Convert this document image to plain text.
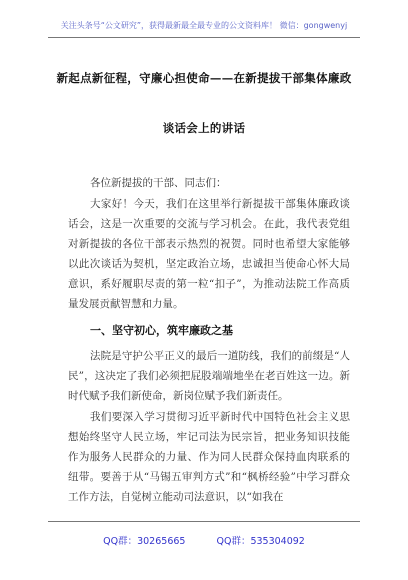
关注头条号“公文研究”，获得最新最全最专业的公文资料库！ 微信：gongwenyj
新起点新征程，守廉心担使命——在新提拔干部集体廉政
谈话会上的讲话
各位新提拔的干部、同志们：
大家好！今天，我们在这里举行新提拔干部集体廉政谈话会，这是一次重要的交流与学习机会。在此，我代表党组对新提拔的各位干部表示热烈的祝贺。同时也希望大家能够以此次谈话为契机，坚定政治立场，忠诚担当使命心怀大局意识，系好履职尽责的第一粒“扣子”，为推动法院工作高质量发展贡献智慧和力量。
一、坚守初心，筑牢廉政之基
法院是守护公平正义的最后一道防线，我们的前缀是“人民”，这决定了我们必须把屁股端端地坐在老百姓这一边。新时代赋予我们新使命，新岗位赋予我们新责任。
我们要深入学习贯彻习近平新时代中国特色社会主义思想始终坚守人民立场，牢记司法为民宗旨，把业务知识技能作为服务人民群众的力量、作为同人民群众保持血肉联系的纽带。要善于从“马锡五审判方式”和“枫桥经验”中学习群众工作方法，自觉树立能动司法意识，以“如我在
QQ群：30265665	QQ群：535304092
